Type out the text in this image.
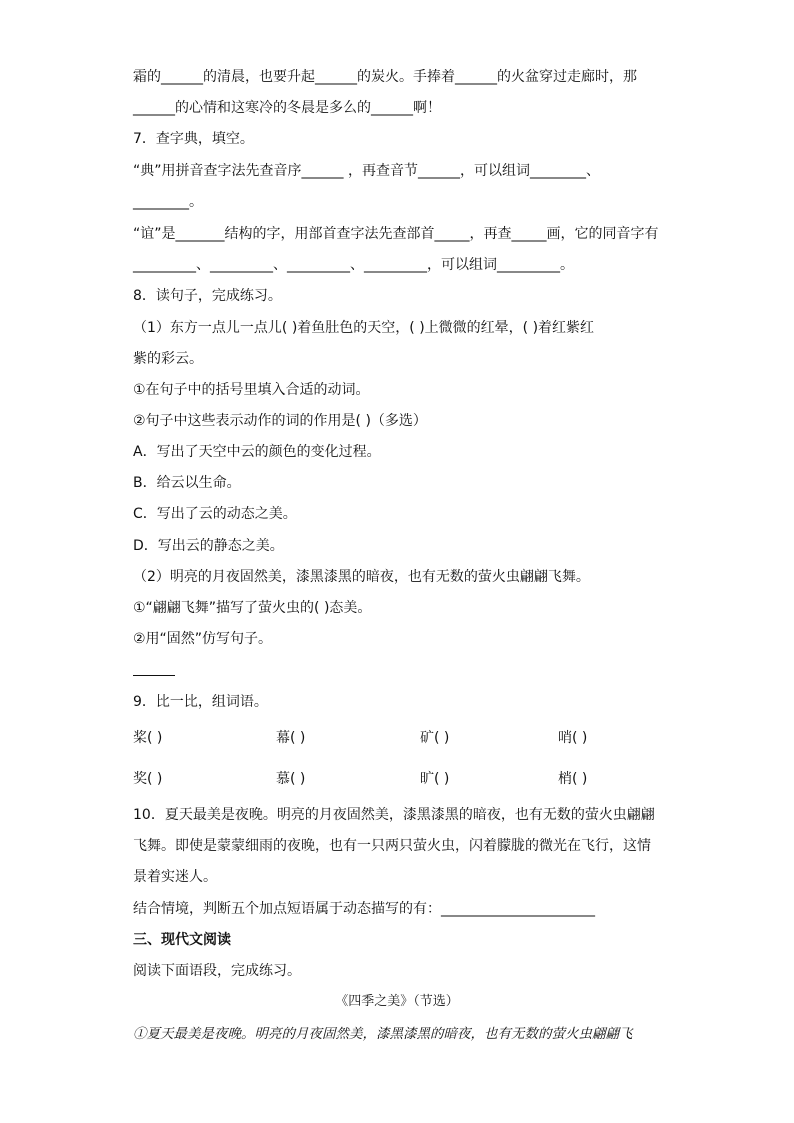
霜的______的清晨，也要升起______的炭火。手捧着______的火盆穿过走廊时，那
______的心情和这寒冷的冬晨是多么的______啊！
7．查字典，填空。
“典”用拼音查字法先查音序______ ，再查音节______，可以组词________、
________。
“谊”是_______结构的字，用部首查字法先查部首_____，再查_____画，它的同音字有
_________、_________、_________、_________，可以组词_________。
8．读句子，完成练习。
（1）东方一点儿一点儿( )着鱼肚色的天空，( )上微微的红晕，( )着红紫红
紫的彩云。
①在句子中的括号里填入合适的动词。
②句子中这些表示动作的词的作用是( )（多选）
A．写出了天空中云的颜色的变化过程。
B．给云以生命。
C．写出了云的动态之美。
D．写出云的静态之美。
（2）明亮的月夜固然美，漆黑漆黑的暗夜，也有无数的萤火虫翩翩飞舞。
①“翩翩飞舞”描写了萤火虫的( )态美。
②用“固然”仿写句子。
9．比一比，组词语。
桨( )	幕( )	矿( )	哨( )
奖( )	慕( )	旷( )	梢( )
10．夏天最美是夜晚。明亮的月夜固然美，漆黑漆黑的暗夜，也有无数的萤火虫翩翩
飞舞。即使是蒙蒙细雨的夜晚，也有一只两只萤火虫，闪着朦胧的微光在飞行，这情
景着实迷人。
结合情境，判断五个加点短语属于动态描写的有：______________________
三、现代文阅读
阅读下面语段，完成练习。
《四季之美》（节选）
①夏天最美是夜晚。明亮的月夜固然美，漆黑漆黑的暗夜，也有无数的萤火虫翩翩飞
